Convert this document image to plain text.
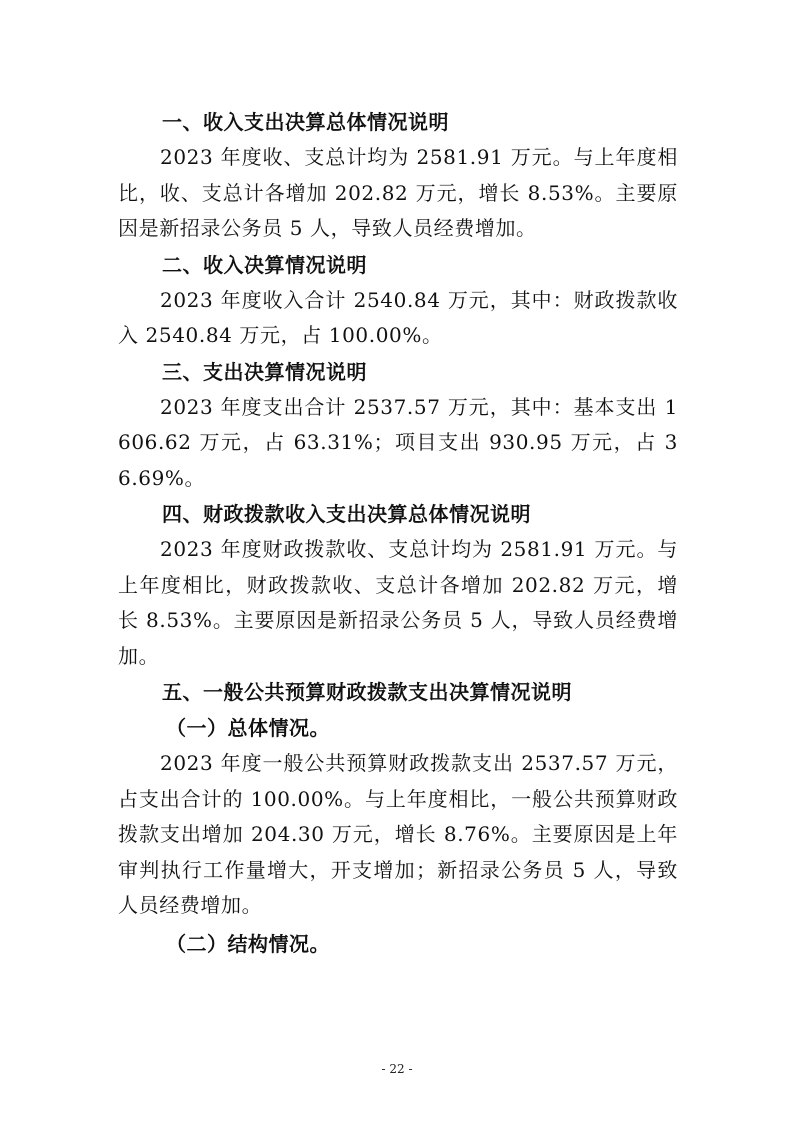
一、收入支出决算总体情况说明

2023 年度收、支总计均为 2581.91 万元。与上年度相比，收、支总计各增加 202.82 万元，增长 8.53%。主要原因是新招录公务员 5 人，导致人员经费增加。

二、收入决算情况说明

2023 年度收入合计 2540.84 万元，其中：财政拨款收入 2540.84 万元，占 100.00%。

三、支出决算情况说明

2023 年度支出合计 2537.57 万元，其中：基本支出 1606.62 万元，占 63.31%；项目支出 930.95 万元，占 36.69%。

四、财政拨款收入支出决算总体情况说明

2023 年度财政拨款收、支总计均为 2581.91 万元。与上年度相比，财政拨款收、支总计各增加 202.82 万元，增长 8.53%。主要原因是新招录公务员 5 人，导致人员经费增加。

五、一般公共预算财政拨款支出决算情况说明
（一）总体情况。

2023 年度一般公共预算财政拨款支出 2537.57 万元，占支出合计的 100.00%。与上年度相比，一般公共预算财政拨款支出增加 204.30 万元，增长 8.76%。主要原因是上年审判执行工作量增大，开支增加；新招录公务员 5 人，导致人员经费增加。

（二）结构情况。
- 22 -
